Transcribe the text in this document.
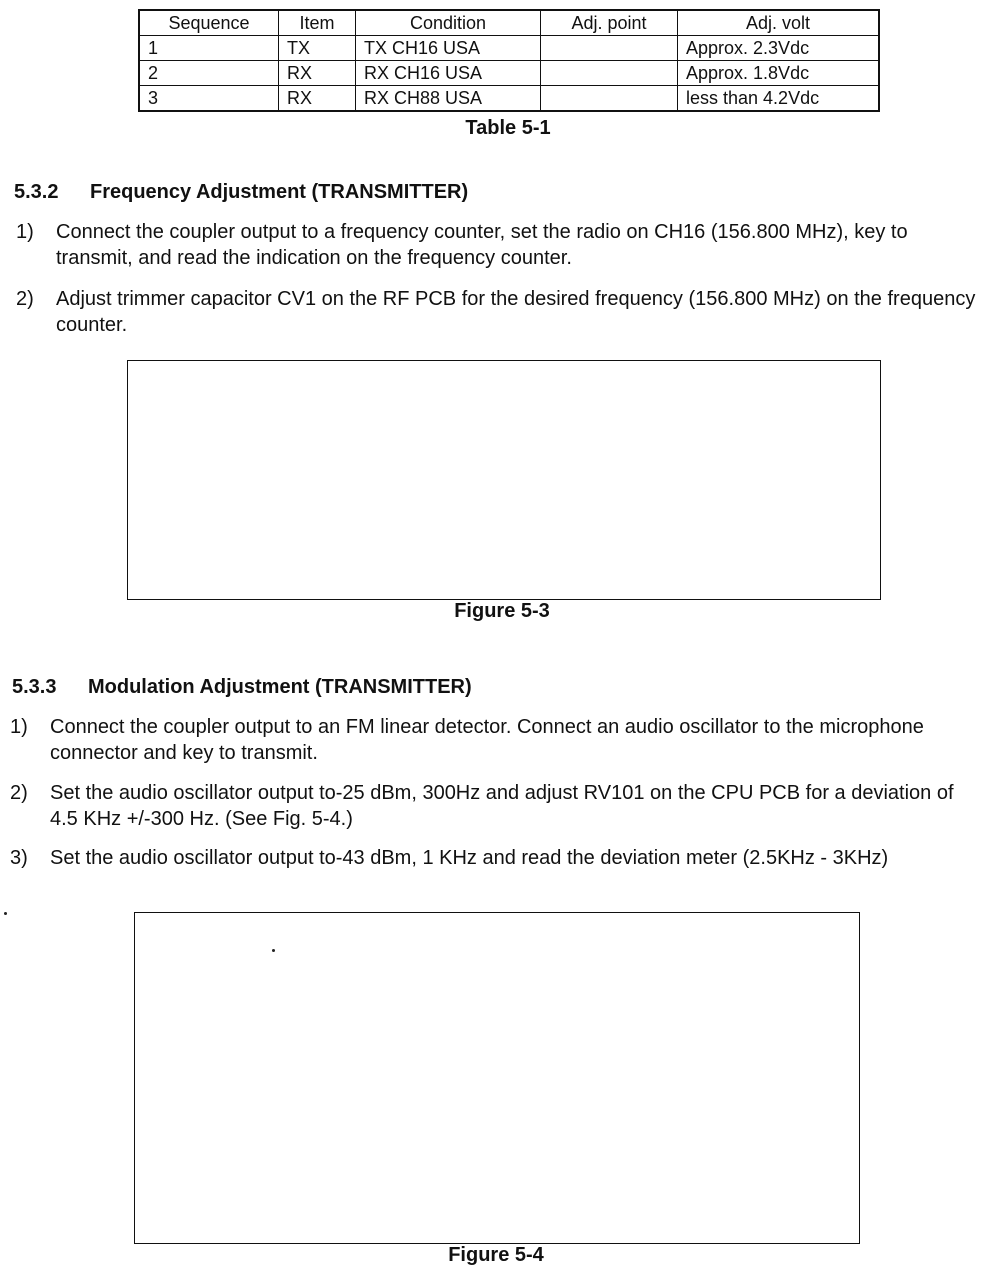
Sequence	Item	Condition	Adj. point	Adj. volt
1	TX	TX CH16 USA		Approx. 2.3Vdc
2	RX	RX CH16 USA		Approx. 1.8Vdc
3	RX	RX CH88 USA		less than 4.2Vdc
Table 5-1
5.3.2 Frequency Adjustment (TRANSMITTER)
1) Connect the coupler output to a frequency counter, set the radio on CH16 (156.800 MHz), key to transmit, and read the indication on the frequency counter.
2) Adjust trimmer capacitor CV1 on the RF PCB for the desired frequency (156.800 MHz) on the frequency counter.
Figure 5-3
5.3.3 Modulation Adjustment (TRANSMITTER)
1) Connect the coupler output to an FM linear detector. Connect an audio oscillator to the microphone connector and key to transmit.
2) Set the audio oscillator output to-25 dBm, 300Hz and adjust RV101 on the CPU PCB for a deviation of 4.5 KHz +/-300 Hz. (See Fig. 5-4.)
3) Set the audio oscillator output to-43 dBm, 1 KHz and read the deviation meter (2.5KHz - 3KHz)
Figure 5-4
